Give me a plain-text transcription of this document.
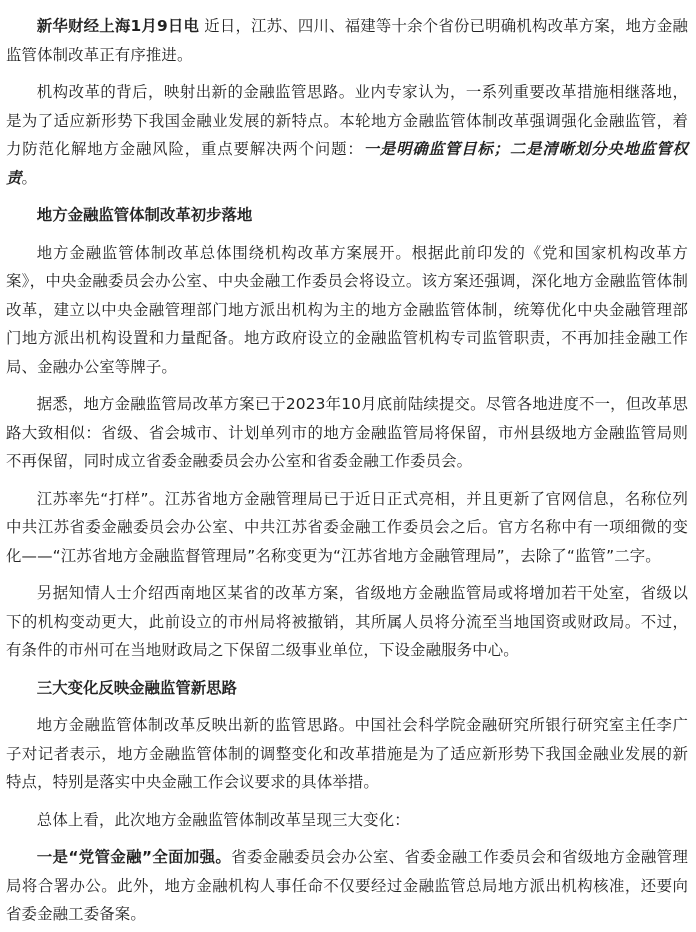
新华财经上海1月9日电 近日，江苏、四川、福建等十余个省份已明确机构改革方案，地方金融监管体制改革正有序推进。

机构改革的背后，映射出新的金融监管思路。业内专家认为，一系列重要改革措施相继落地，是为了适应新形势下我国金融业发展的新特点。本轮地方金融监管体制改革强调强化金融监管，着力防范化解地方金融风险，重点要解决两个问题：一是明确监管目标；二是清晰划分央地监管权责。

地方金融监管体制改革初步落地

地方金融监管体制改革总体围绕机构改革方案展开。根据此前印发的《党和国家机构改革方案》，中央金融委员会办公室、中央金融工作委员会将设立。该方案还强调，深化地方金融监管体制改革，建立以中央金融管理部门地方派出机构为主的地方金融监管体制，统筹优化中央金融管理部门地方派出机构设置和力量配备。地方政府设立的金融监管机构专司监管职责，不再加挂金融工作局、金融办公室等牌子。

据悉，地方金融监管局改革方案已于2023年10月底前陆续提交。尽管各地进度不一，但改革思路大致相似：省级、省会城市、计划单列市的地方金融监管局将保留，市州县级地方金融监管局则不再保留，同时成立省委金融委员会办公室和省委金融工作委员会。

江苏率先“打样”。江苏省地方金融管理局已于近日正式亮相，并且更新了官网信息，名称位列中共江苏省委金融委员会办公室、中共江苏省委金融工作委员会之后。官方名称中有一项细微的变化——“江苏省地方金融监督管理局”名称变更为“江苏省地方金融管理局”，去除了“监管”二字。

另据知情人士介绍西南地区某省的改革方案，省级地方金融监管局或将增加若干处室，省级以下的机构变动更大，此前设立的市州局将被撤销，其所属人员将分流至当地国资或财政局。不过，有条件的市州可在当地财政局之下保留二级事业单位，下设金融服务中心。

三大变化反映金融监管新思路

地方金融监管体制改革反映出新的监管思路。中国社会科学院金融研究所银行研究室主任李广子对记者表示，地方金融监管体制的调整变化和改革措施是为了适应新形势下我国金融业发展的新特点，特别是落实中央金融工作会议要求的具体举措。

总体上看，此次地方金融监管体制改革呈现三大变化：

一是“党管金融”全面加强。省委金融委员会办公室、省委金融工作委员会和省级地方金融管理局将合署办公。此外，地方金融机构人事任命不仅要经过金融监管总局地方派出机构核准，还要向省委金融工委备案。
